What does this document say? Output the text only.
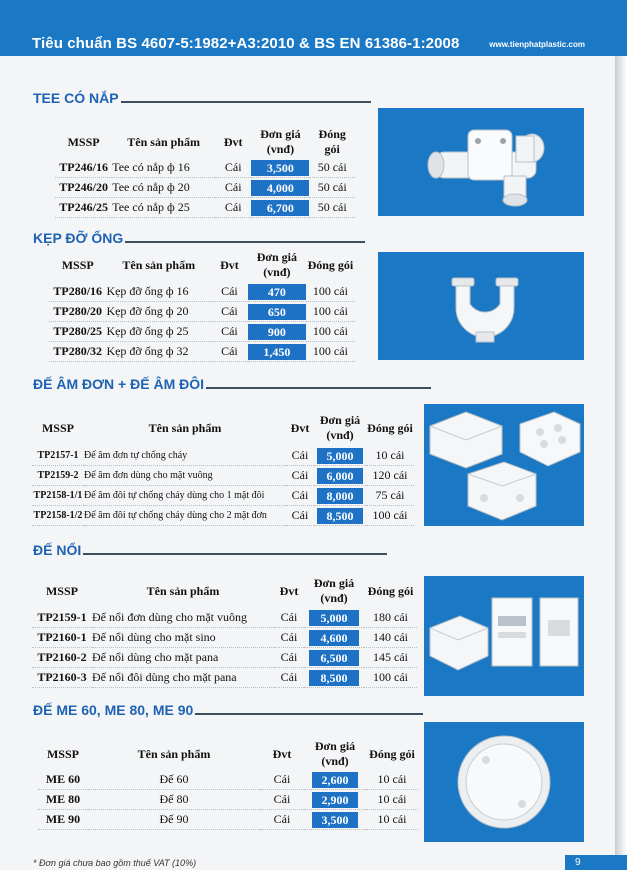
Tiêu chuẩn BS 4607-5:1982+A3:2010 & BS EN 61386-1:2008	www.tienphatplastic.com
TEE CÓ NẮP
MSSP	Tên sản phẩm	Đvt	Đơn giá (vnđ)	Đóng gói
TP246/16	Tee có nắp ф 16	Cái	3,500	50 cái
TP246/20	Tee có nắp ф 20	Cái	4,000	50 cái
TP246/25	Tee có nắp ф 25	Cái	6,700	50 cái
KẸP ĐỠ ỐNG
MSSP	Tên sản phẩm	Đvt	Đơn giá (vnđ)	Đóng gói
TP280/16	Kẹp đỡ ống ф 16	Cái	470	100 cái
TP280/20	Kẹp đỡ ống ф 20	Cái	650	100 cái
TP280/25	Kẹp đỡ ống ф 25	Cái	900	100 cái
TP280/32	Kẹp đỡ ống ф 32	Cái	1,450	100 cái
ĐẾ ÂM ĐƠN + ĐẾ ÂM ĐÔI
MSSP	Tên sản phẩm	Đvt	Đơn giá (vnđ)	Đóng gói
TP2157-1	Đế âm đơn tự chống cháy	Cái	5,000	10 cái
TP2159-2	Đế âm đơn dùng cho mặt vuông	Cái	6,000	120 cái
TP2158-1/1	Đế âm đôi tự chống cháy dùng cho 1 mặt đôi	Cái	8,000	75 cái
TP2158-1/2	Đế âm đôi tự chống cháy dùng cho 2 mặt đơn	Cái	8,500	100 cái
ĐẾ NỔI
MSSP	Tên sản phẩm	Đvt	Đơn giá (vnđ)	Đóng gói
TP2159-1	Đế nổi đơn dùng cho mặt vuông	Cái	5,000	180 cái
TP2160-1	Đế nổi dùng cho mặt sino	Cái	4,600	140 cái
TP2160-2	Đế nổi dùng cho mặt pana	Cái	6,500	145 cái
TP2160-3	Đế nổi đôi dùng cho mặt pana	Cái	8,500	100 cái
ĐẾ ME 60, ME 80, ME 90
MSSP	Tên sản phẩm	Đvt	Đơn giá (vnđ)	Đóng gói
ME 60	Đế 60	Cái	2,600	10 cái
ME 80	Đế 80	Cái	2,900	10 cái
ME 90	Đế 90	Cái	3,500	10 cái
* Đơn giá chưa bao gồm thuế VAT (10%)	9
